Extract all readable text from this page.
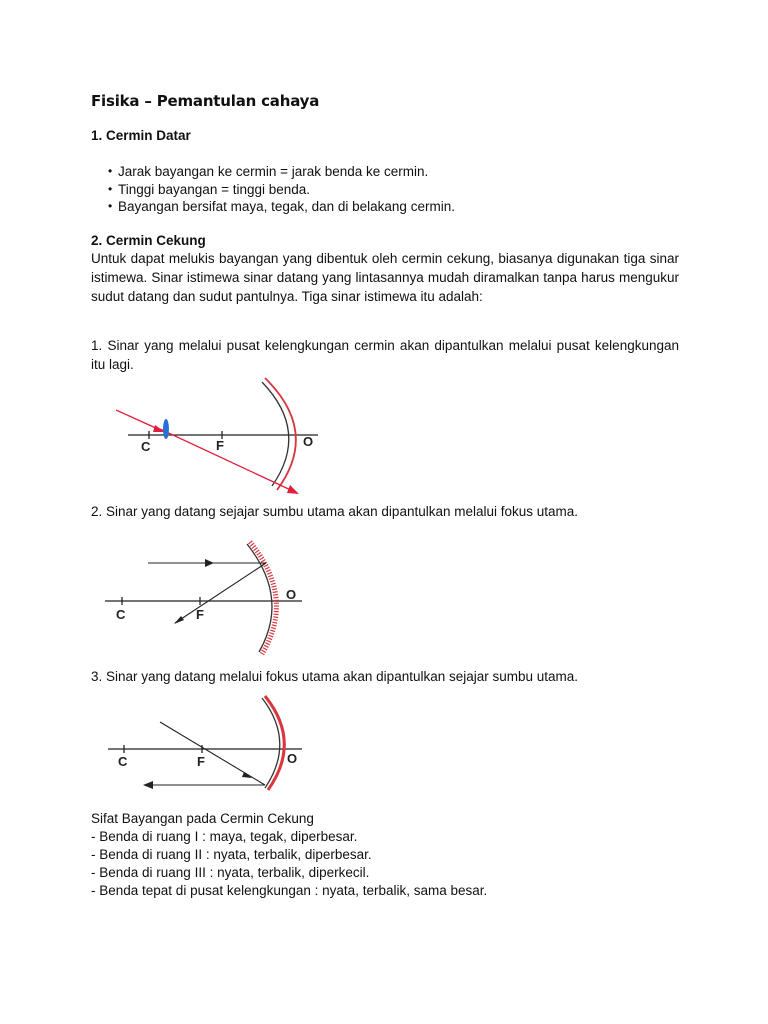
Fisika – Pemantulan cahaya
1. Cermin Datar
• Jarak bayangan ke cermin = jarak benda ke cermin.
• Tinggi bayangan = tinggi benda.
• Bayangan bersifat maya, tegak, dan di belakang cermin.
2. Cermin Cekung
Untuk dapat melukis bayangan yang dibentuk oleh cermin cekung, biasanya digunakan tiga sinar istimewa. Sinar istimewa sinar datang yang lintasannya mudah diramalkan tanpa harus mengukur sudut datang dan sudut pantulnya. Tiga sinar istimewa itu adalah:
1. Sinar yang melalui pusat kelengkungan cermin akan dipantulkan melalui pusat kelengkungan itu lagi.
C	F	O
2. Sinar yang datang sejajar sumbu utama akan dipantulkan melalui fokus utama.
C	F
O
3. Sinar yang datang melalui fokus utama akan dipantulkan sejajar sumbu utama.
C	F	O
Sifat Bayangan pada Cermin Cekung
- Benda di ruang I : maya, tegak, diperbesar.
- Benda di ruang II : nyata, terbalik, diperbesar.
- Benda di ruang III : nyata, terbalik, diperkecil.
- Benda tepat di pusat kelengkungan : nyata, terbalik, sama besar.
